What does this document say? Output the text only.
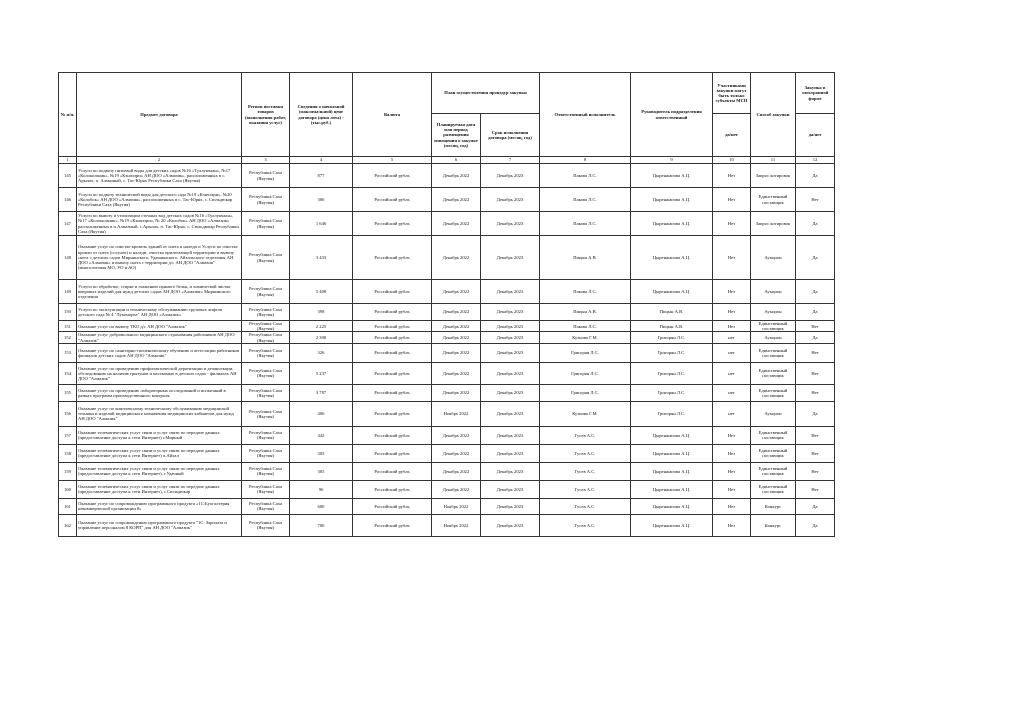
№ п/п.	Предмет договора	Регион поставки товаров (выполнения работ, оказания услуг)	Сведения о начальной (максимальной) цене договора (цена лота) - (тыс.руб.)	Валюта	План осуществления процедур закупки		Ответственный исполнитель	Руководитель подразделения ответственный	Участниками закупки могут быть только субъекты МСП	Способ закупки	Закупка в электронной форме
					Планируемая дата или период размещения извещения о закупке (месяц, год)	Срок исполнения договора (месяц, год)			да/нет		да/нет
1	2	3	4	5	6	7	8	9	10	11	12
145	Услуги по подвозу питьевой воды для детских садов №16 «Туллукчаан», №17 «Колокольчик», №19 «Кэнчээри» АН ДОО «Алмазик», расположенных в с. Арылах, п. Алмазный, с. Тас-Юрях Республики Саха (Якутия)	Республика Саха (Якутия)	877	Российский рубль	Декабрь 2022	Декабрь 2023	Пакова Л.С.	Цыренжапова А.Ц.	Нет	Запрос котировок	Да
146	Услуги по подвозу технической воды для детского сада №19 «Кэнчээри», №20 «Колобок» АН ДОО «Алмазик», расположенных в с. Тас-Юрях, с. Сюльдюкар Республики Саха (Якутия)	Республика Саха (Якутия)	306	Российский рубль	Декабрь 2022	Декабрь 2023	Пакова Л.С.	Цыренжапова А.Ц.	Нет	Единственный поставщик	Нет
147	Услуги по вывозу и утилизации сточных вод детских садов №16 «Туллукчаан», №17 «Колокольчик», №19 «Кэнчээри», № 20 «Колобок» АН ДОО «Алмазик» расположенных в п.Алмазный, с.Арылах, п. Тас-Юрях, с. Сюльдюкар Республики Саха (Якутия)	Республика Саха (Якутия)	1 646	Российский рубль	Декабрь 2022	Декабрь 2023	Пакова Л.С.	Цыренжапова А.Ц.	Нет	Запрос котировок	Да
148	Оказание услуг по очистке кровель зданий от снега и наледи и Услуги по очистке кровли от снега (сосулек) и наледи, очистка прилегающей территории и вывозу снега с детских садов Мирнинского, Удачнинского, Айхальского отделения АН ДОО «Алмазик» и вывозу снега с территории д/с АН ДОО "Алмазик" (многолотовая МО, УО и АО)	Республика Саха (Якутия)	3 433	Российский рубль	Декабрь 2022	Декабрь 2023	Пицын А.В.	Цыренжапова А.Ц.	Нет	Аукцион	Да
149	Услуги по обработке, стирке и глажению прямого белья, и химической чистке ковровых изделий для нужд детских садов АН ДОО «Алмазик» Мирнинского отделения	Республика Саха (Якутия)	5 408	Российский рубль	Декабрь 2022	Декабрь 2023	Пакова Л.С.	Цыренжапова А.Ц.	Нет	Аукцион	Да
150	Услуги по эксплуатации и техническому обслуживанию грузовых лифтов детского сада № 4 "Лукоморье" АН ДОО «Алмазик»	Республика Саха (Якутия)	398	Российский рубль	Декабрь 2022	Декабрь 2023	Пицын А.В.	Пицын А.В.	Нет	Аукцион	Да
151	Оказание услуг по вывозу ТКО д/с АН ДОО "Алмазик"	Республика Саха (Якутия)	2 225	Российский рубль	Декабрь 2022	Декабрь 2023	Пакова Л.С.	Пицын А.В.	Нет	Единственный поставщик	Нет
152	Оказание услуг добровольного медицинского страхования работников АН ДОО "Алмазик"	Республика Саха (Якутия)	2 300	Российский рубль	Декабрь 2022	Декабрь 2023	Кузнова Г.М.	Григорян Л.С.	нет	Аукцион	Да
153	Оказание услуг по санитарно-гигиеническому обучению и аттестации работников филиалов детских садов АН ДОО "Алмазик"	Республика Саха (Якутия)	326	Российский рубль	Декабрь 2022	Декабрь 2023	Григорян Л.С.	Григорян Л.С.	нет	Единственный поставщик	Нет
154	Оказание услуг по проведению профилактической дератизации и дезинсекции, обследованию на наличие грызунов и насекомых в детских садах - филиалах АН ДОО "Алмазик"	Республика Саха (Якутия)	5 237	Российский рубль	Декабрь 2022	Декабрь 2023	Григорян Л.С.	Григорян Л.С.	нет	Единственный поставщик	Нет
155	Оказание услуг по проведению лабораторных исследований и испытаний в рамках программ производственного контроля	Республика Саха (Якутия)	3 787	Российский рубль	Декабрь 2022	Декабрь 2023	Григорян Л.С.	Григорян Л.С.	нет	Единственный поставщик	Нет
156	Оказание услуг по комплексному техническому обслуживанию медицинской техники и изделий медицинского назначения медицинских кабинетов для нужд АН ДОО "Алмазик"	Республика Саха (Якутия)	406	Российский рубль	Ноябрь 2022	Декабрь 2023	Кузнова Г.М.	Григорян Л.С.	нет	Аукцион	Да
157	Оказание телематических услуг связи и услуг связи по передаче данных (предоставление доступа к сети Интернет) г.Мирный	Республика Саха (Якутия)	442	Российский рубль	Декабрь 2022	Декабрь 2023	Гусев А.С.	Цыренжапова А.Ц.	Нет	Единственный поставщик	Нет
158	Оказание телематических услуг связи и услуг связи по передаче данных (предоставление доступа к сети Интернет) п.Айхал	Республика Саха (Якутия)	305	Российский рубль	Декабрь 2022	Декабрь 2023	Гусев А.С.	Цыренжапова А.Ц.	Нет	Единственный поставщик	Нет
159	Оказание телематических услуг связи и услуг связи по передаче данных (предоставление доступа к сети Интернет), г.Удачный	Республика Саха (Якутия)	305	Российский рубль	Декабрь 2022	Декабрь 2023	Гусев А.С.	Цыренжапова А.Ц.	Нет	Единственный поставщик	Нет
160	Оказание телематических услуг связи и услуг связи по передаче данных (предоставление доступа к сети Интернет), с.Сюльдюкар	Республика Саха (Якутия)	96	Российский рубль	Декабрь 2022	Декабрь 2023	Гусев А.С.	Цыренжапова А.Ц.	Нет	Единственный поставщик	Нет
161	Оказание услуг по сопровождению программного продукта «1С:Бухгалтерия некоммерческой организации 8»	Республика Саха (Якутия)	600	Российский рубль	Ноябрь 2022	Декабрь 2023	Гусев А.С.	Цыренжапова А.Ц.	Нет	Конкурс	Да
162	Оказание услуг по сопровождению программного продукта "1С: Зарплата и управление персоналом 8 КОРП" для АН ДОО "Алмазик"	Республика Саха (Якутия)	700	Российский рубль	Ноябрь 2022	Декабрь 2023	Гусев А.С.	Цыренжапова А.Ц.	Нет	Конкурс	Да
